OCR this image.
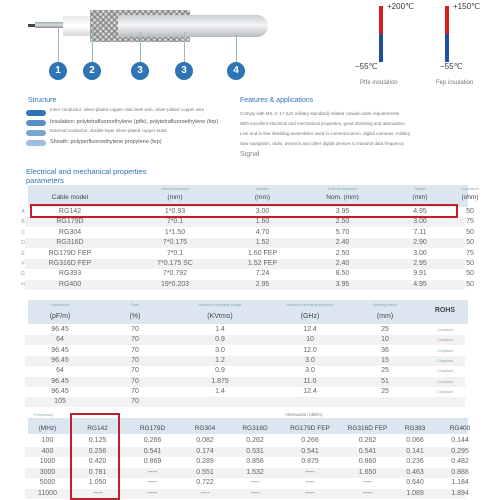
1	2	3	3	4
+200℃
−55℃
Ptfe insulation
+150℃
−55℃
Fep insulation
Structure
Inner conductor: silver-plated copper clad steel wire, silver-plated copper wire
Insulation: polytetrafluoroethylene (ptfe), polytetrafluoroethylene (fep)
External conductor: double-layer silver-plated copper braid
Sheath: polyperfluoroethylene propylene (fep)
Features & applications
Comply with MIL-C-17 (US military standard) related coaxial cable requirements
With excellent electrical and mechanical properties, good shielding and attenuation
Line and in-line shielding assemblies used in communication, digital cameras, military
Sea navigation, radio, avionics and other digital devices to transmit data frequency
Signal
Electrical and mechanical properties
parameters
Cable model	(mm)	(mm)	Nom. (mm)	(mm)	(ohm)
Internal conductor	Insulator	External conductor	Sheath	Impedance
RG142	1*0.93	3.00	3.95	4.95	50
A
RG179D	7*0.1	1.60	2.50	3.00	75
B
RG304	1*1.50	4.70	5.70	7.11	50
C
RG316D	7*0.175	1.52	2.40	2.90	50
D
RG179D FEP	7*0.1	1.60 FEP	2.50	3.00	75
E
RG316D FEP	7*0.175 SC	1.52 FEP	2.40	2.95	50
F
RG393	7*0.792	7.24	8.50	9.91	50
G
RG400	19*0.203	2.95	3.95	4.95	50
H
Capacitance	Rate	Maximum operating voltage	Maximum operating frequency	Bending radius
(pF/m)	(%)	(KVrms)	(GHz)	(mm)
ROHS
96.45	70	1.4	12.4	25	Compliant
64	70	0.9	10	10	Compliant
96.45	70	3.0	12.0	36	Compliant
96.45	70	1.2	3.0	15	Compliant
64	70	0.9	3.0	25	Compliant
96.45	70	1.875	11.0	51	Compliant
96.45	70	1.4	12.4	25	Compliant
105	70
Attenuation (dB/m)
Frequency
(MHz)	RG142	RG179D	RG304	RG316D	RG179D FEP	RG316D FEP	RG393	RG400
100	0.125	0.266	0.082	0.262	0.266	0.262	0.066	0.144
400	0.256	0.541	0.174	0.531	0.541	0.541	0.141	0.295
1000	0.420	0.869	0.289	0.856	0.875	0.860	0.236	0.482
3000	0.781	----	0.551	1.532	----	1.650	0.463	0.888
5000	1.050	----	0.722	----	----	----	0.640	1.184
11000	----	----	----	----	----	----	1.089	1.894
